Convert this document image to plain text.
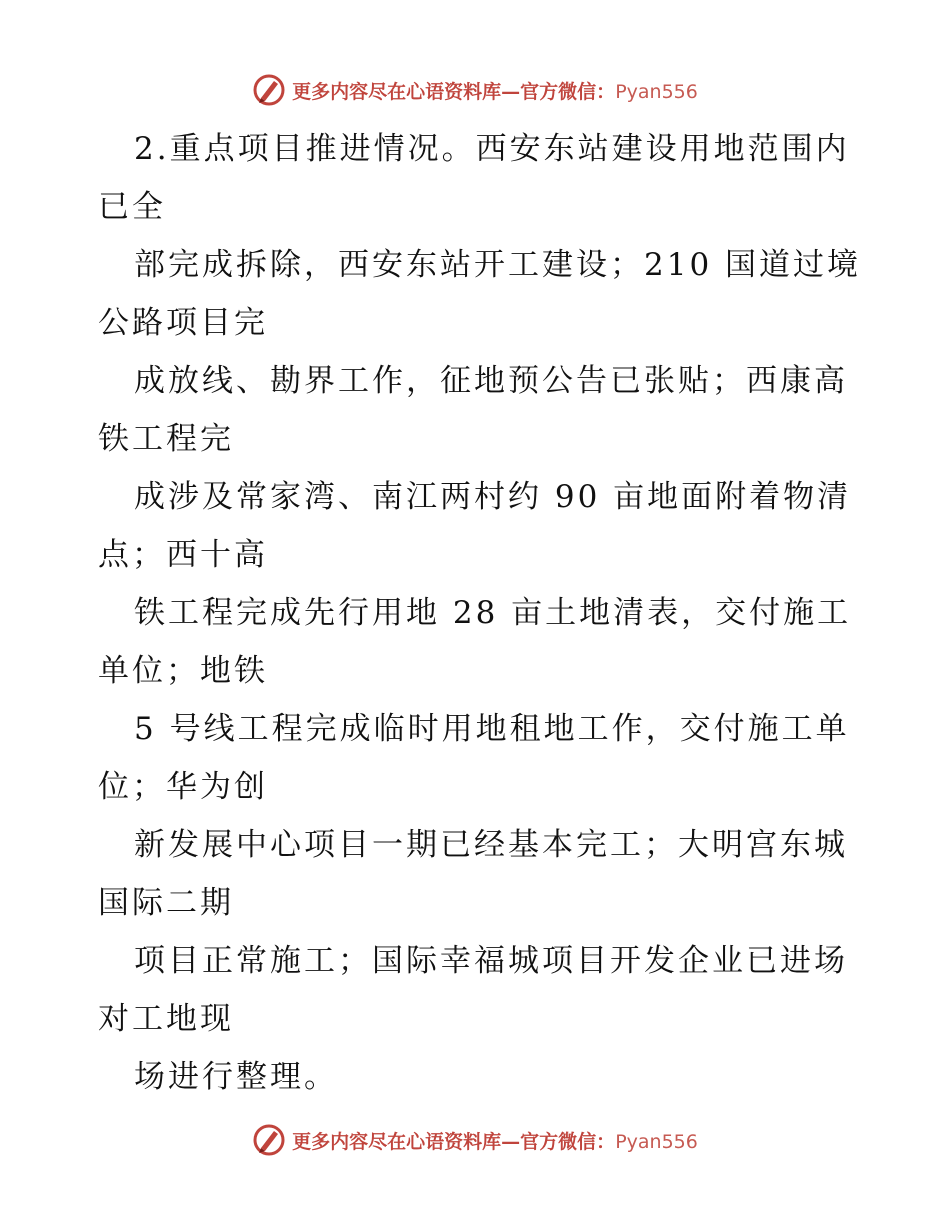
更多内容尽在心语资料库—官方微信：Pyan556
2.重点项目推进情况。西安东站建设用地范围内
已全
部完成拆除，西安东站开工建设；210 国道过境
公路项目完
成放线、勘界工作，征地预公告已张贴；西康高
铁工程完
成涉及常家湾、南江两村约 90 亩地面附着物清
点；西十高
铁工程完成先行用地 28 亩土地清表，交付施工
单位；地铁
5 号线工程完成临时用地租地工作，交付施工单
位；华为创
新发展中心项目一期已经基本完工；大明宫东城
国际二期
项目正常施工；国际幸福城项目开发企业已进场
对工地现
场进行整理。
更多内容尽在心语资料库—官方微信：Pyan556
